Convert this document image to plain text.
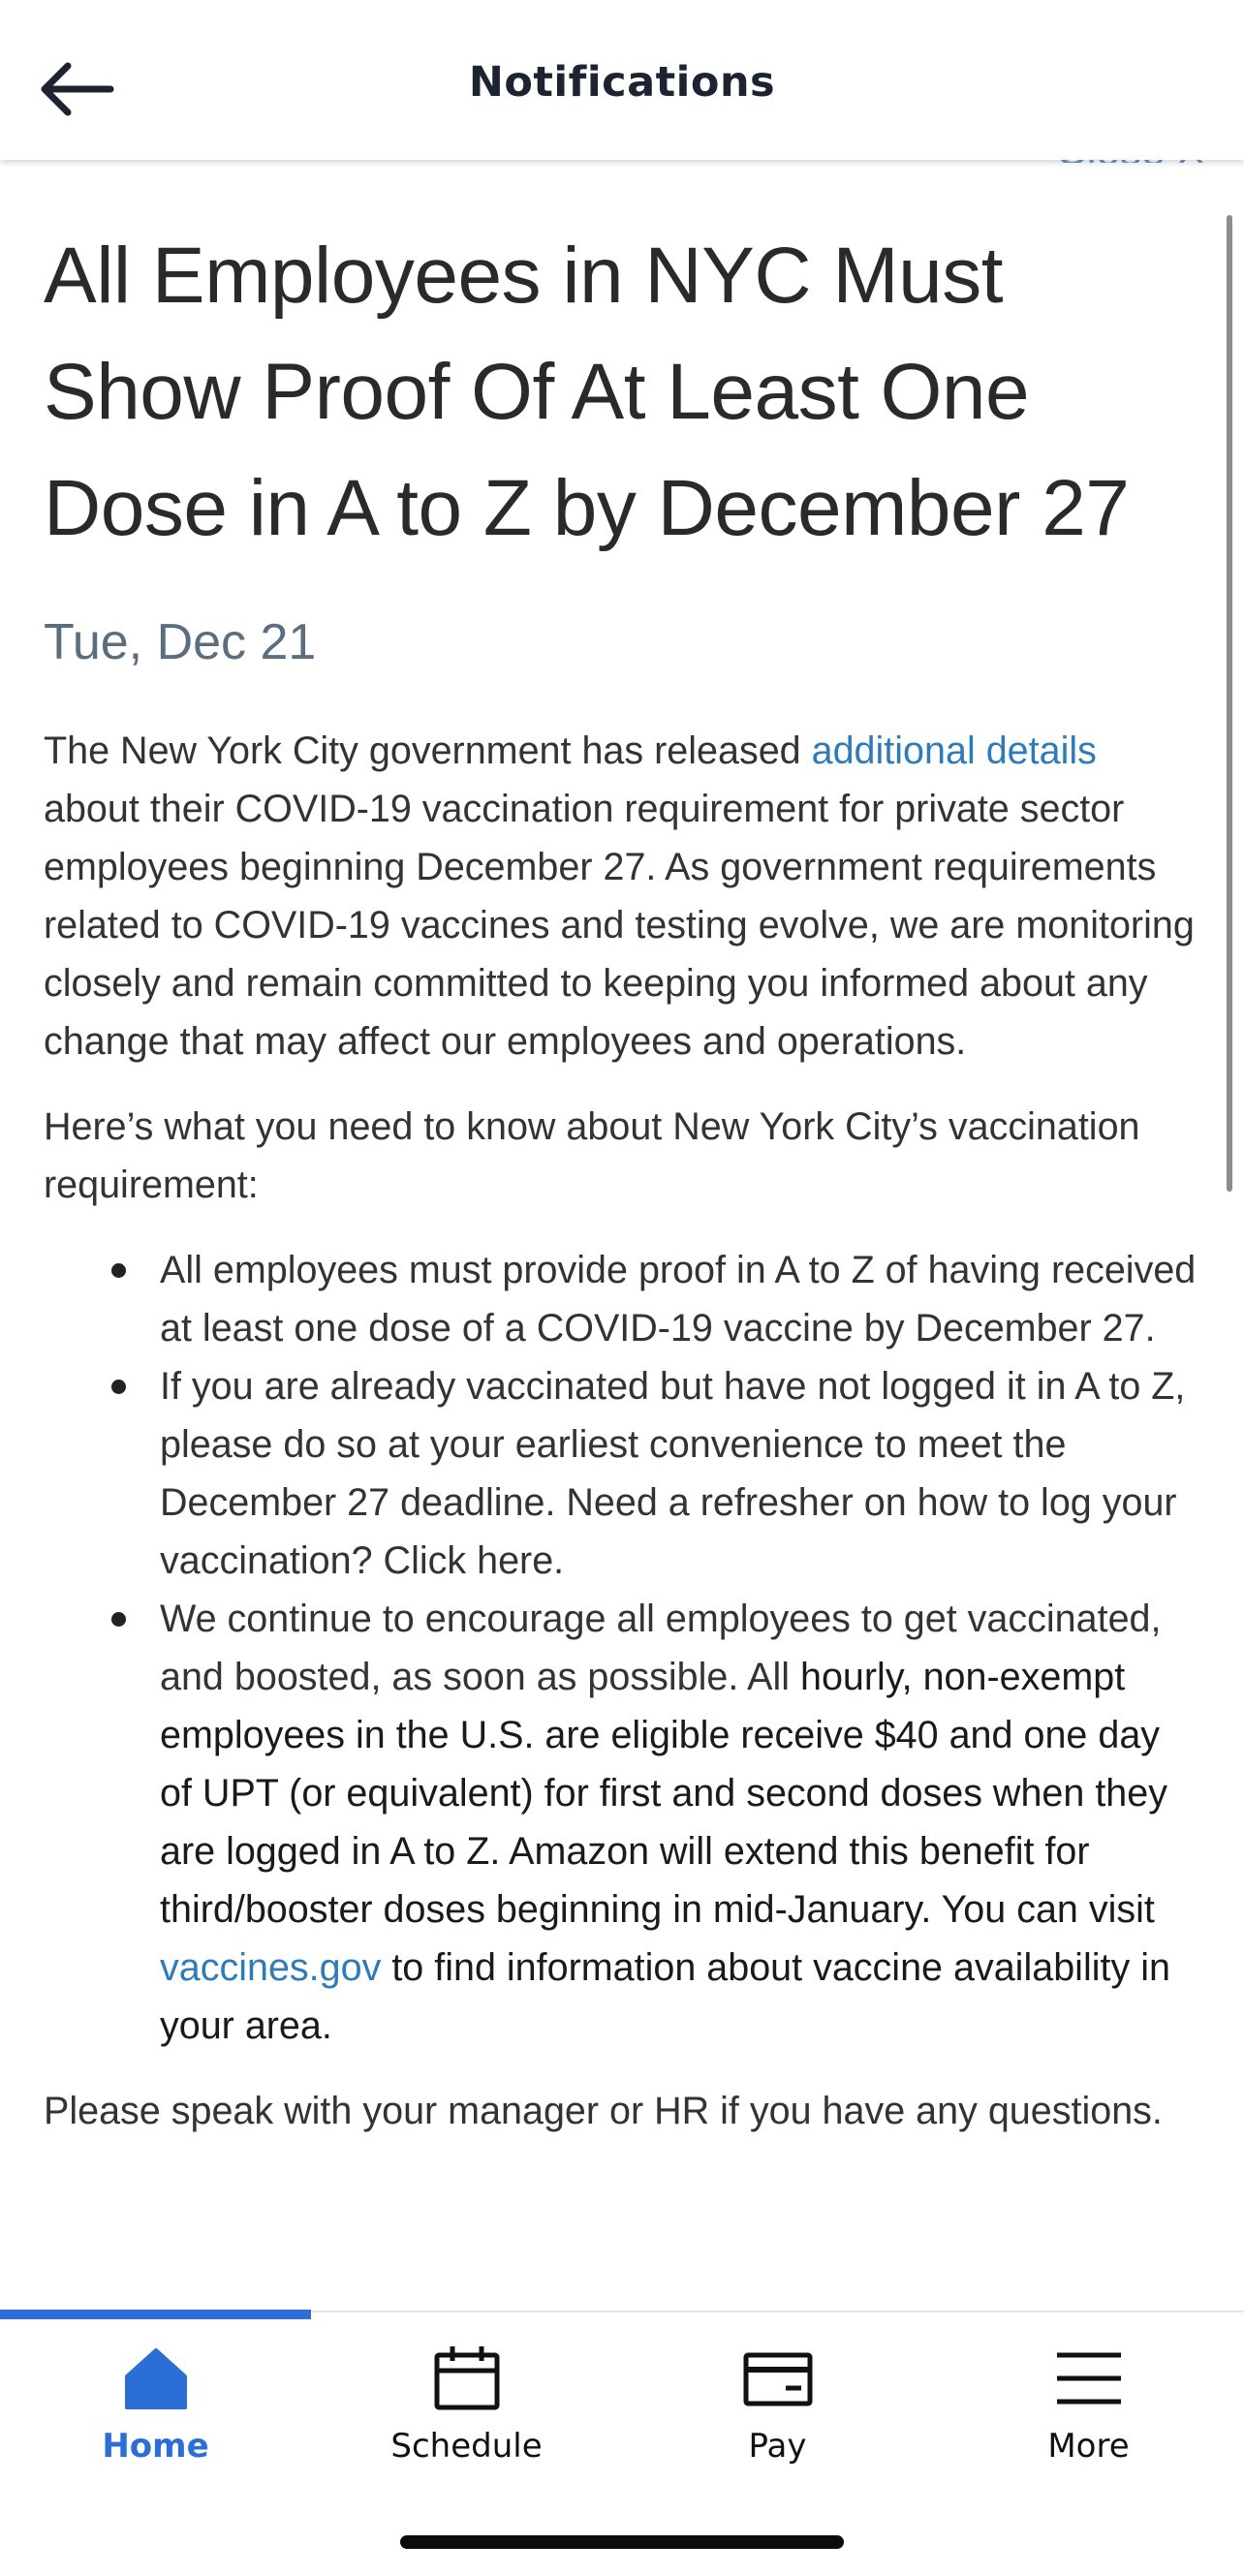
Notifications
All Employees in NYC Must Show Proof Of At Least One Dose in A to Z by December 27
Tue, Dec 21
The New York City government has released additional details about their COVID-19 vaccination requirement for private sector employees beginning December 27. As government requirements related to COVID-19 vaccines and testing evolve, we are monitoring closely and remain committed to keeping you informed about any change that may affect our employees and operations.
Here’s what you need to know about New York City’s vaccination requirement:
All employees must provide proof in A to Z of having received at least one dose of a COVID-19 vaccine by December 27.
If you are already vaccinated but have not logged it in A to Z, please do so at your earliest convenience to meet the December 27 deadline. Need a refresher on how to log your vaccination? Click here.
We continue to encourage all employees to get vaccinated, and boosted, as soon as possible. All hourly, non-exempt employees in the U.S. are eligible receive $40 and one day of UPT (or equivalent) for first and second doses when they are logged in A to Z. Amazon will extend this benefit for third/booster doses beginning in mid-January. You can visit vaccines.gov to find information about vaccine availability in your area.
Please speak with your manager or HR if you have any questions.
Home	Schedule	Pay	More
